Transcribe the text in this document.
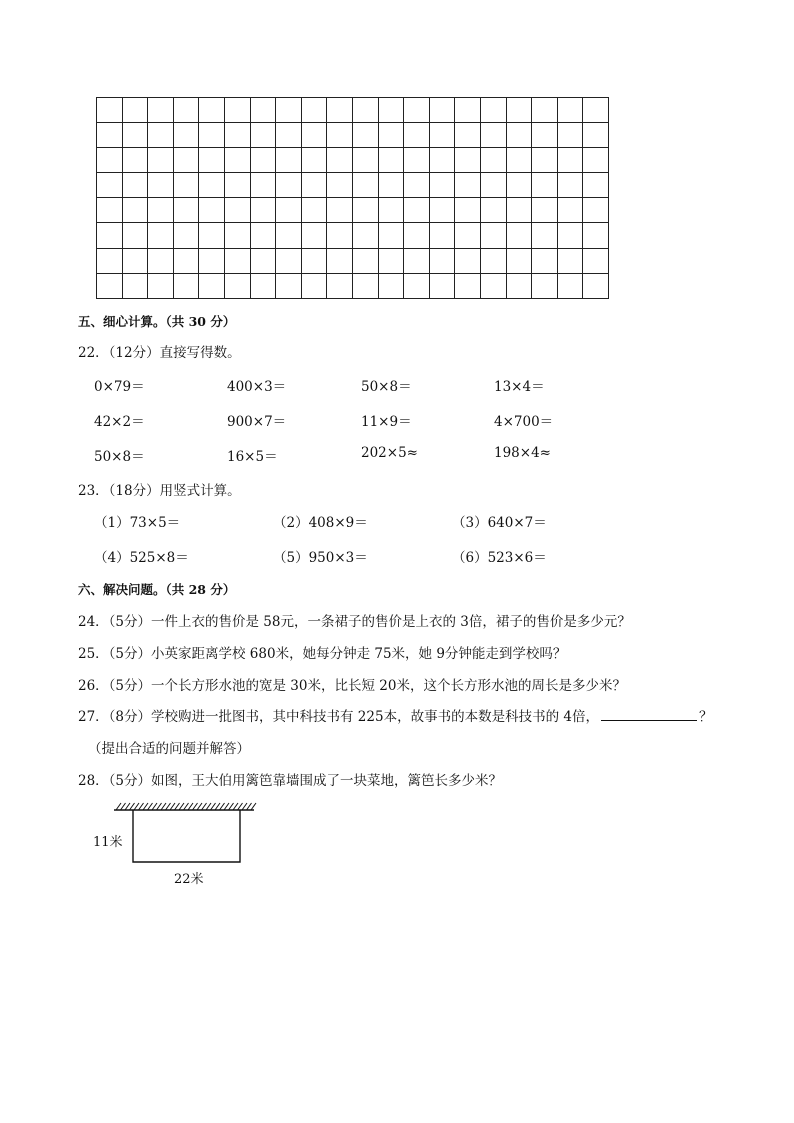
五、细心计算。（共 30 分）
22．（12分）直接写得数。
0×79＝	400×3＝	50×8＝	13×4＝
42×2＝	900×7＝	11×9＝	4×700＝
50×8＝	16×5＝	202×5≈	198×4≈
23．（18分）用竖式计算。
（1）73×5＝	（2）408×9＝	（3）640×7＝
（4）525×8＝	（5）950×3＝	（6）523×6＝
六、解决问题。（共 28 分）
24．（5分）一件上衣的售价是 58元，一条裙子的售价是上衣的 3倍，裙子的售价是多少元？
25．（5分）小英家距离学校 680米，她每分钟走 75米，她 9分钟能走到学校吗？
26．（5分）一个长方形水池的宽是 30米，比长短 20米，这个长方形水池的周长是多少米？
27．（8分）学校购进一批图书，其中科技书有 225本，故事书的本数是科技书的 4倍，	？
（提出合适的问题并解答）
28．（5分）如图，王大伯用篱笆靠墙围成了一块菜地，篱笆长多少米？
11米
22米
